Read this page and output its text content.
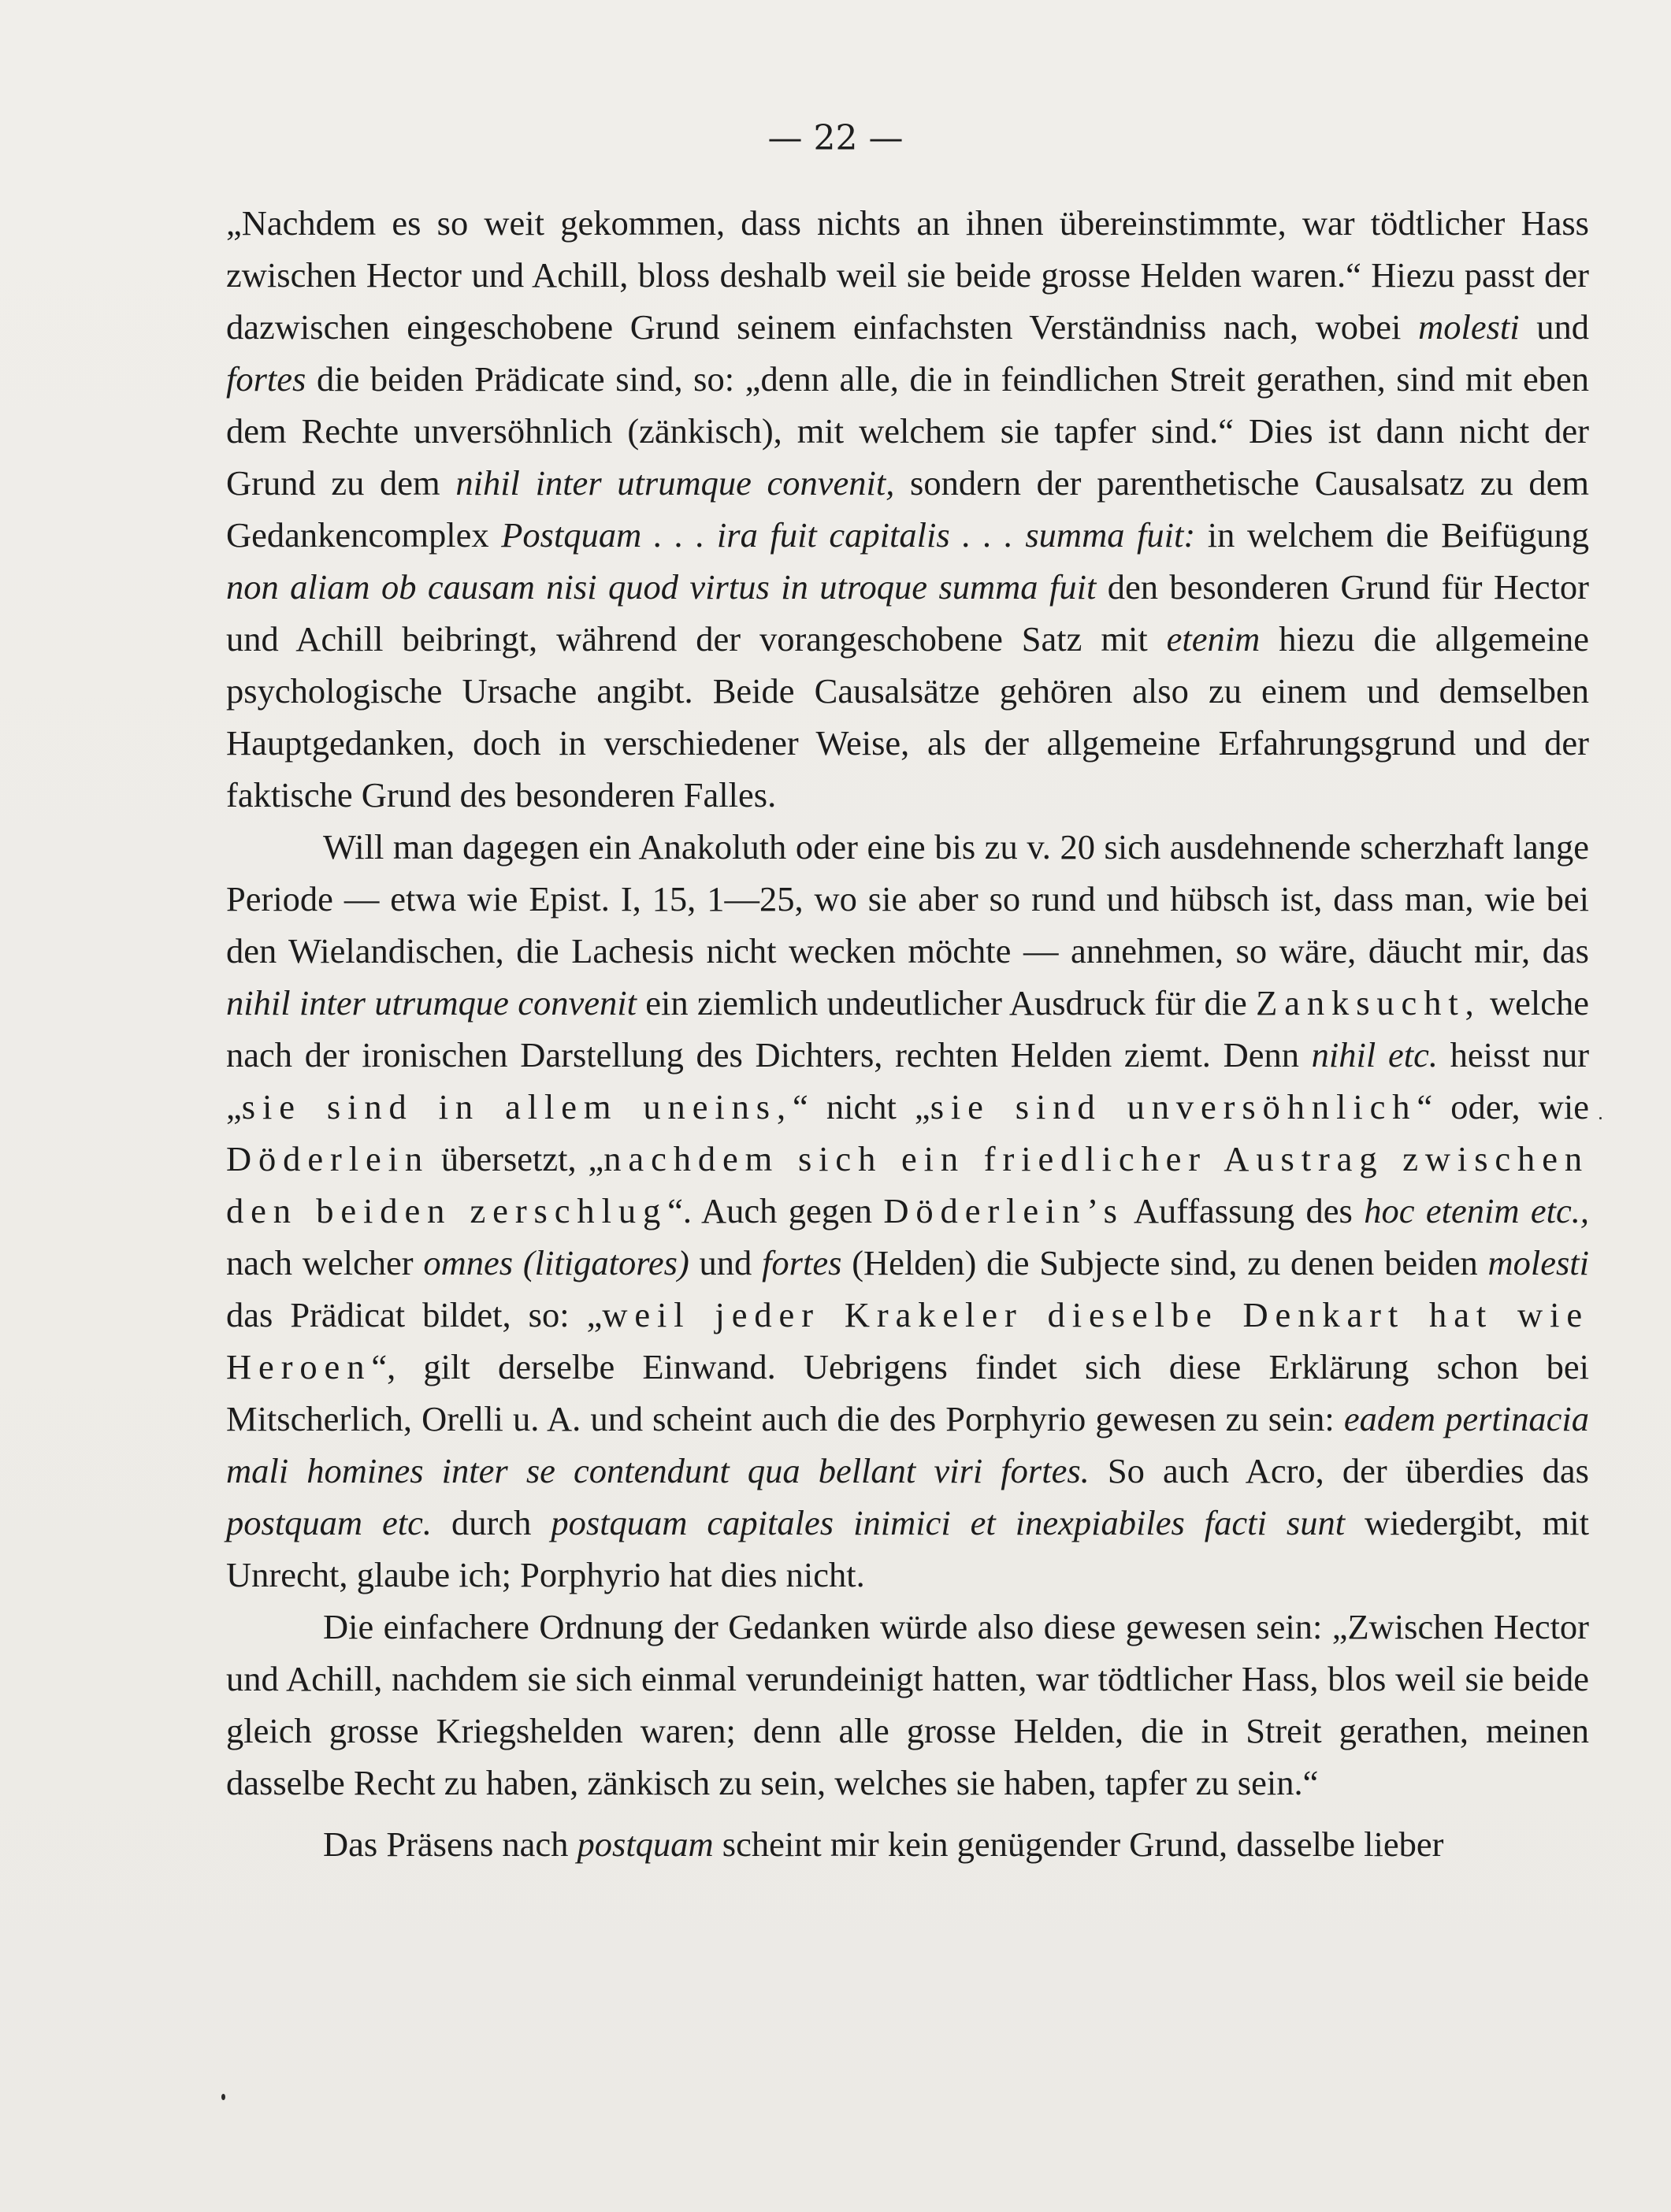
— 22 —

„Nachdem es so weit gekommen, dass nichts an ihnen übereinstimmte, war tödtlicher Hass zwischen Hector und Achill, bloss deshalb weil sie beide grosse Helden waren.“ Hiezu passt der dazwischen eingeschobene Grund seinem einfachsten Verständniss nach, wobei molesti und fortes die beiden Prädicate sind, so: „denn alle, die in feindlichen Streit gerathen, sind mit eben dem Rechte unversöhnlich (zänkisch), mit welchem sie tapfer sind.“ Dies ist dann nicht der Grund zu dem nihil inter utrumque convenit, sondern der parenthetische Causalsatz zu dem Gedankencomplex Postquam . . . ira fuit capitalis . . . summa fuit: in welchem die Beifügung non aliam ob causam nisi quod virtus in utroque summa fuit den besonderen Grund für Hector und Achill beibringt, während der vorangeschobene Satz mit etenim hiezu die allgemeine psychologische Ursache angibt. Beide Causalsätze gehören also zu einem und demselben Hauptgedanken, doch in verschiedener Weise, als der allgemeine Erfahrungsgrund und der faktische Grund des besonderen Falles.

Will man dagegen ein Anakoluth oder eine bis zu v. 20 sich ausdehnende scherzhaft lange Periode — etwa wie Epist. I, 15, 1—25, wo sie aber so rund und hübsch ist, dass man, wie bei den Wielandischen, die Lachesis nicht wecken möchte — annehmen, so wäre, däucht mir, das nihil inter utrumque convenit ein ziemlich undeutlicher Ausdruck für die Zanksucht, welche nach der ironischen Darstellung des Dichters, rechten Helden ziemt. Denn nihil etc. heisst nur „sie sind in allem uneins,“ nicht „sie sind unversöhnlich“ oder, wie Döderlein übersetzt, „nachdem sich ein friedlicher Austrag zwischen den beiden zerschlug“. Auch gegen Döderlein’s Auffassung des hoc etenim etc., nach welcher omnes (litigatores) und fortes (Helden) die Subjecte sind, zu denen beiden molesti das Prädicat bildet, so: „weil jeder Krakeler dieselbe Denkart hat wie Heroen“, gilt derselbe Einwand. Uebrigens findet sich diese Erklärung schon bei Mitscherlich, Orelli u. A. und scheint auch die des Porphyrio gewesen zu sein: eadem pertinacia mali homines inter se contendunt qua bellant viri fortes. So auch Acro, der überdies das postquam etc. durch postquam capitales inimici et inexpiabiles facti sunt wiedergibt, mit Unrecht, glaube ich; Porphyrio hat dies nicht.

Die einfachere Ordnung der Gedanken würde also diese gewesen sein: „Zwischen Hector und Achill, nachdem sie sich einmal verundeinigt hatten, war tödtlicher Hass, blos weil sie beide gleich grosse Kriegshelden waren; denn alle grosse Helden, die in Streit gerathen, meinen dasselbe Recht zu haben, zänkisch zu sein, welches sie haben, tapfer zu sein.“

Das Präsens nach postquam scheint mir kein genügender Grund, dasselbe lieber
